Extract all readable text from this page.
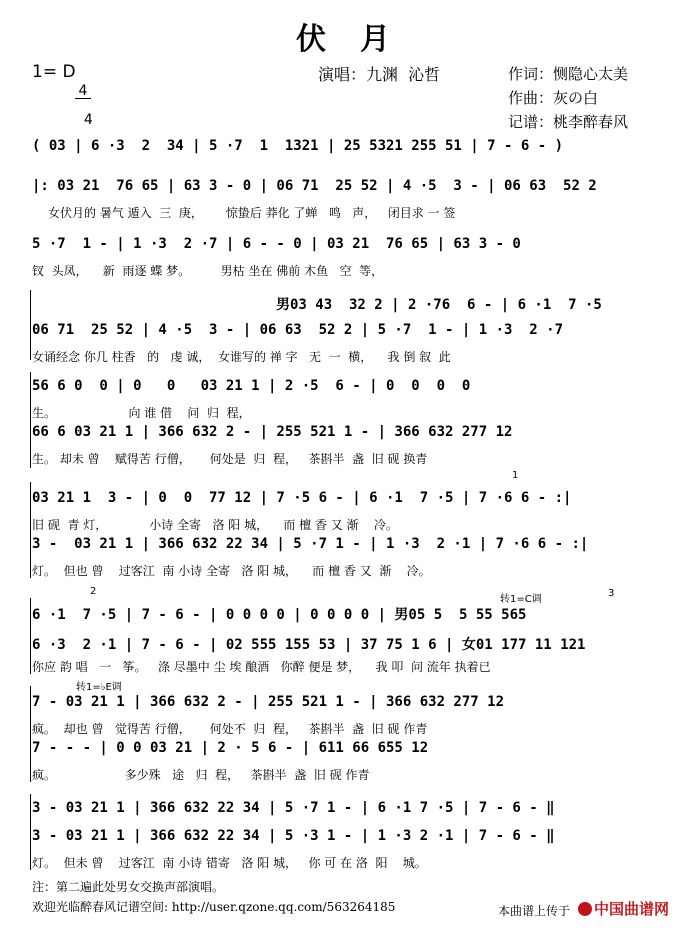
伏　月
1= D

$\frac{4}{4}$	演唱：九渊  沁哲	作词：恻隐心太美
作曲：灰の白
记谱：桃李醉春风
( 03 | 6 ·3  2  34 | 5 ·7  1  1321 | 25 5321 255 51 | 7 - 6 - )
|: 03 21  76 65 | 63 3 - 0 | 06 71  25 52 | 4 ·5  3 - | 06 63  52 2
女伏月的 暑气 遁入  三  庚，      惊蛰后 莽化 了蝉   鸣   声，   闭目求 一 签
5 ·7  1 - | 1 ·3  2 ·7 | 6 - - 0 | 03 21  76 65 | 63 3 - 0
钗  头凤，    新  雨逐 蝶 梦。        男枯 坐在 佛前 木鱼   空  等，
男03 43  32 2 | 2 ·76  6 - | 6 ·1  7 ·5
06 71  25 52 | 4 ·5  3 - | 06 63  52 2 | 5 ·7  1 - | 1 ·3  2 ·7
女诵经念 你几 柱香   的   虔 诚，  女谁写的 禅 字   无  一  横，    我 倒 叙  此
56 6 0  0 | 0   0   03 21 1 | 2 ·5  6 - | 0  0  0  0
生。                   向 谁 借    问  归  程，
66 6 03 21 1 | 366 632 2 - | 255 521 1 - | 366 632 277 12
生。 却未 曾    赋得苦 行僧，     何处是  归  程，   茶斟半  盏  旧 砚 换青
1
03 21 1  3 - | 0  0  77 12 | 7 ·5 6 - | 6 ·1  7 ·5 | 7 ·6 6 - :|
旧 砚  青 灯，           小诗 全寄   洛 阳 城，    而 檀 香 又 渐    冷。
3 -  03 21 1 | 366 632 22 34 | 5 ·7 1 - | 1 ·3  2 ·1 | 7 ·6 6 - :|
灯。  但也 曾    过客江  南 小诗 全寄   洛 阳 城，    而 檀 香 又  渐    冷。
2
转1=C调
3
6 ·1  7 ·5 | 7 - 6 - | 0 0 0 0 | 0 0 0 0 | 男05 5  5 55 565
6 ·3  2 ·1 | 7 - 6 - | 02 555 155 53 | 37 75 1 6 | 女01 177 11 121
你应 韵 唱   一   筝。   涤 尽墨中 尘 埃 酿酒   你醉 便是 梦，    我 叩  问 流年 执着已
转1=♭E调
7 - 03 21 1 | 366 632 2 - | 255 521 1 - | 366 632 277 12
疯。  却也 曾   觉得苦 行僧，     何处不  归  程，   茶斟半  盏  旧 砚 作青
7 - - - | 0 0 03 21 | 2 · 5 6 - | 611 66 655 12
疯。                  多少殊   途   归  程，   茶斟半  盏  旧 砚 作青
3 - 03 21 1 | 366 632 22 34 | 5 ·7 1 - | 6 ·1 7 ·5 | 7 - 6 - ‖
3 - 03 21 1 | 366 632 22 34 | 5 ·3 1 - | 1 ·3 2 ·1 | 7 - 6 - ‖
灯。  但未 曾    过客江  南 小诗 错寄   洛 阳 城，   你 可 在 洛  阳    城。
注：第二遍此处男女交换声部演唱。
欢迎光临醉春风记谱空间: http://user.qzone.qq.com/563264185	本曲谱上传于	中国曲谱网
